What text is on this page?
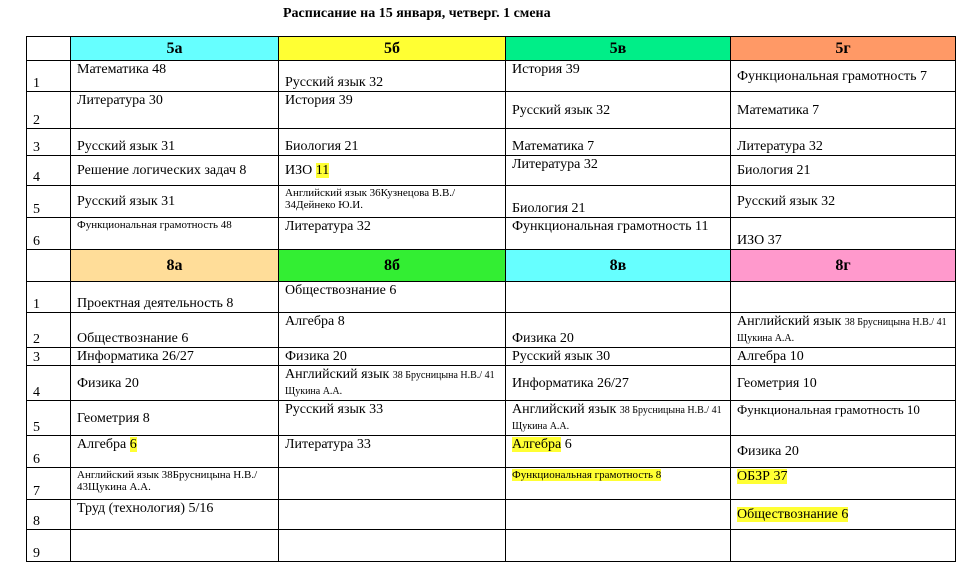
Расписание на 15 января, четверг. 1 смена
	5а	5б	5в	5г
1	Математика 48	Русский язык 32	История 39	Функциональная грамотность 7
2	Литература 30	История 39	Русский язык 32	Математика 7
3	Русский язык 31	Биология 21	Математика 7	Литература 32
4	Решение логических задач 8	ИЗО 11	Литература 32	Биология 21
5	Русский язык 31	Английский язык 36Кузнецова В.В./ 34Дейнеко Ю.И.	Биология 21	Русский язык 32
6	Функциональная грамотность 48	Литература 32	Функциональная грамотность 11	ИЗО 37
	8а	8б	8в	8г
1	Проектная деятельность 8	Обществознание 6		
2	Обществознание 6	Алгебра 8	Физика 20	Английский язык 38 Брусницына Н.В./ 41 Щукина А.А.
3	Информатика 26/27	Физика 20	Русский язык 30	Алгебра 10
4	Физика 20	Английский язык 38 Брусницына Н.В./ 41 Щукина А.А.	Информатика 26/27	Геометрия 10
5	Геометрия 8	Русский язык 33	Английский язык 38 Брусницына Н.В./ 41 Щукина А.А.	Функциональная грамотность 10
6	Алгебра 6	Литература 33	Алгебра 6	Физика 20
7	Английский язык 38Брусницына Н.В./ 43Щукина А.А.		Функциональная грамотность 8	ОБЗР 37
8	Труд (технология) 5/16			Обществознание 6
9				
